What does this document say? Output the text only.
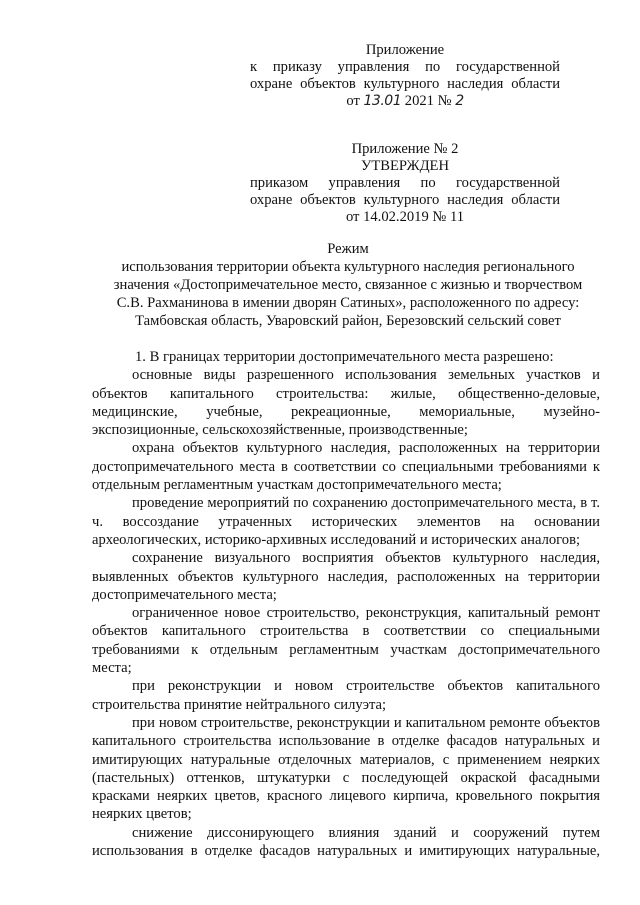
Приложение
к приказу управления по государственной
охране объектов культурного наследия области
от 13.01 2021 № 2
Приложение № 2
УТВЕРЖДЕН
приказом управления по государственной
охране объектов культурного наследия области
от 14.02.2019 № 11
Режим
использования территории объекта культурного наследия регионального
значения «Достопримечательное место, связанное с жизнью и творчеством
С.В. Рахманинова в имении дворян Сатиных», расположенного по адресу:
Тамбовская область, Уваровский район, Березовский сельский совет

1. В границах территории достопримечательного места разрешено:

основные виды разрешенного использования земельных участков и объектов капитального строительства: жилые, общественно-деловые, медицинские, учебные, рекреационные, мемориальные, музейно-экспозиционные, сельскохозяйственные, производственные;

охрана объектов культурного наследия, расположенных на территории достопримечательного места в соответствии со специальными требованиями к отдельным регламентным участкам достопримечательного места;

проведение мероприятий по сохранению достопримечательного места, в т. ч. воссоздание утраченных исторических элементов на основании археологических, историко-архивных исследований и исторических аналогов;

сохранение визуального восприятия объектов культурного наследия, выявленных объектов культурного наследия, расположенных на территории достопримечательного места;

ограниченное новое строительство, реконструкция, капитальный ремонт объектов капитального строительства в соответствии со специальными требованиями к отдельным регламентным участкам достопримечательного места;

при реконструкции и новом строительстве объектов капитального строительства принятие нейтрального силуэта;

при новом строительстве, реконструкции и капитальном ремонте объектов капитального строительства использование в отделке фасадов натуральных и имитирующих натуральные отделочных материалов, с применением неярких (пастельных) оттенков, штукатурки с последующей окраской фасадными красками неярких цветов, красного лицевого кирпича, кровельного покрытия неярких цветов;

снижение диссонирующего влияния зданий и сооружений путем использования в отделке фасадов натуральных и имитирующих натуральные,
